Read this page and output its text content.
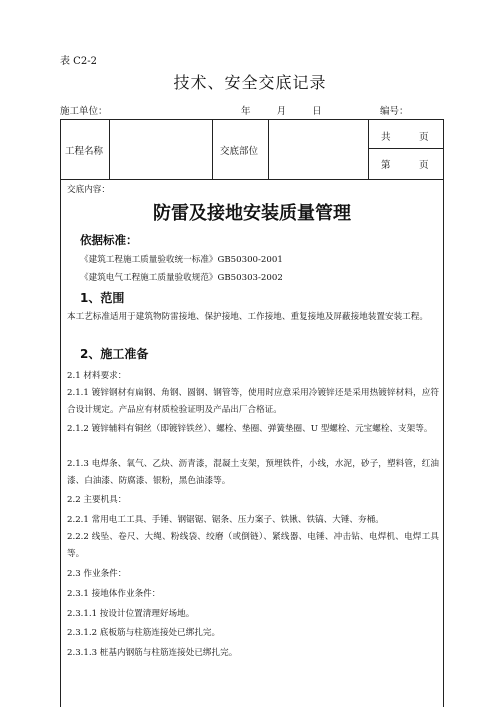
表 C2-2
技术、安全交底记录
施工单位：	年	月	日	编号：
工程名称	交底部位
共　　　页
第　　　页
交底内容：
防雷及接地安装质量管理
依据标准：
《建筑工程施工质量验收统一标准》GB50300-2001
《建筑电气工程施工质量验收规范》GB50303-2002
1、范围
本工艺标准适用于建筑物防雷接地、保护接地、工作接地、重复接地及屏蔽接地装置安装工程。
2、施工准备
2.1 材料要求：
2.1.1 镀锌钢材有扁钢、角钢、圆钢、钢管等，使用时应意采用冷镀锌还是采用热镀锌材料，应符合设计规定。产品应有材质检验证明及产品出厂合格证。
2.1.2 镀锌辅料有铜丝（即镀锌铁丝）、螺栓、垫圈、弹簧垫圈、U 型螺栓、元宝螺栓、支架等。
2.1.3 电焊条、氧气、乙炔、沥青漆，混凝土支架，预埋铁件，小线，水泥，砂子，塑料管，红油漆、白油漆、防腐漆、银粉，黑色油漆等。
2.2 主要机具：
2.2.1 常用电工工具、手锤、钢锯锯、锯条、压力案子、铁锹、铁镐、大锤、夯桶。
2.2.2 线坠、卷尺、大绳、粉线袋、绞磨（或倒链）、紧线器、电锤、冲击钻、电焊机、电焊工具等。
2.3 作业条件：
2.3.1 接地体作业条件：
2.3.1.1 按设计位置清理好场地。
2.3.1.2 底板筋与柱筋连接处已绑扎完。
2.3.1.3 桩基内钢筋与柱筋连接处已绑扎完。
